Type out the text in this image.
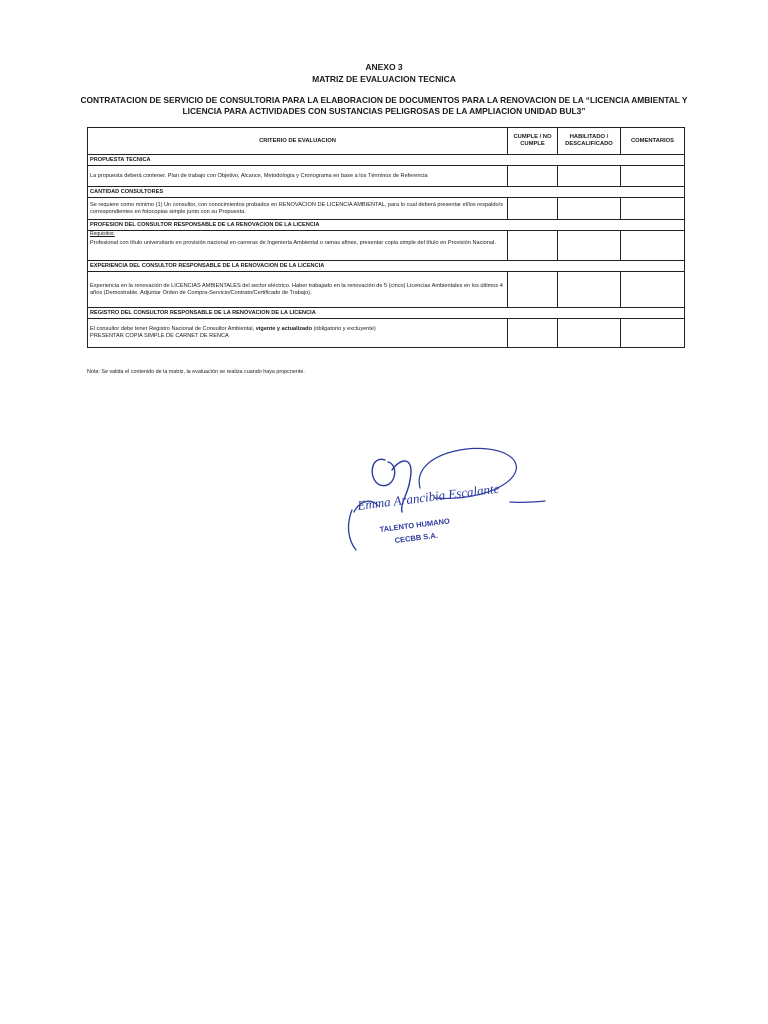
ANEXO 3
MATRIZ DE EVALUACION TECNICA
CONTRATACION DE SERVICIO DE CONSULTORIA PARA LA ELABORACION DE DOCUMENTOS PARA LA RENOVACION DE LA “LICENCIA AMBIENTAL Y LICENCIA PARA ACTIVIDADES CON SUSTANCIAS PELIGROSAS DE LA AMPLIACION UNIDAD BUL3”
CRITERIO DE EVALUACION	CUMPLE / NO CUMPLE	HABILITADO / DESCALIFICADO	COMENTARIOS
PROPUESTA TECNICA			
La propuesta deberá contener. Plan de trabajo con Objetivo, Alcance, Metodología y Cronograma en base a los Términos de Referencia			
CANTIDAD CONSULTORES			
Se requiere como mínimo (1) Un consultor, con conocimientos probados en RENOVACION DE LICENCIA AMBIENTAL, para lo cual deberá presentar el/los respaldo/s correspondientes en fotocopias simple junto con su Propuesta.			
PROFESION DEL CONSULTOR RESPONSABLE DE LA RENOVACION DE LA LICENCIA			

Requisitos:
Profesional con título universitario en provisión nacional en carreras de Ingeniería Ambiental o ramas afines, presentar copia simple del título en Provisión Nacional.			

EXPERIENCIA DEL CONSULTOR RESPONSABLE DE LA RENOVACION DE LA LICENCIA			
Experiencia en la renovación de LICENCIAS AMBIENTALES del sector eléctrico. Haber trabajado en la renovación de 5 (cinco) Licencias Ambientales en los últimos 4 años (Demostrable. Adjuntar Orden de Compra-Servicio/Contrato/Certificado de Trabajo).			
REGISTRO DEL CONSULTOR RESPONSABLE DE LA RENOVACION DE LA LICENCIA			

El consultor debe tener Registro Nacional de Consultor Ambiental, vigente y actualizado (obligatorio y excluyente)
PRESENTAR COPIA SIMPLE DE CARNET DE RENCA			

Nota: Se valida el contenido de la matriz, la evaluación se realiza cuando haya propcnente.
Emma Arancibia Escalante
TALENTO HUMANO
CECBB S.A.
